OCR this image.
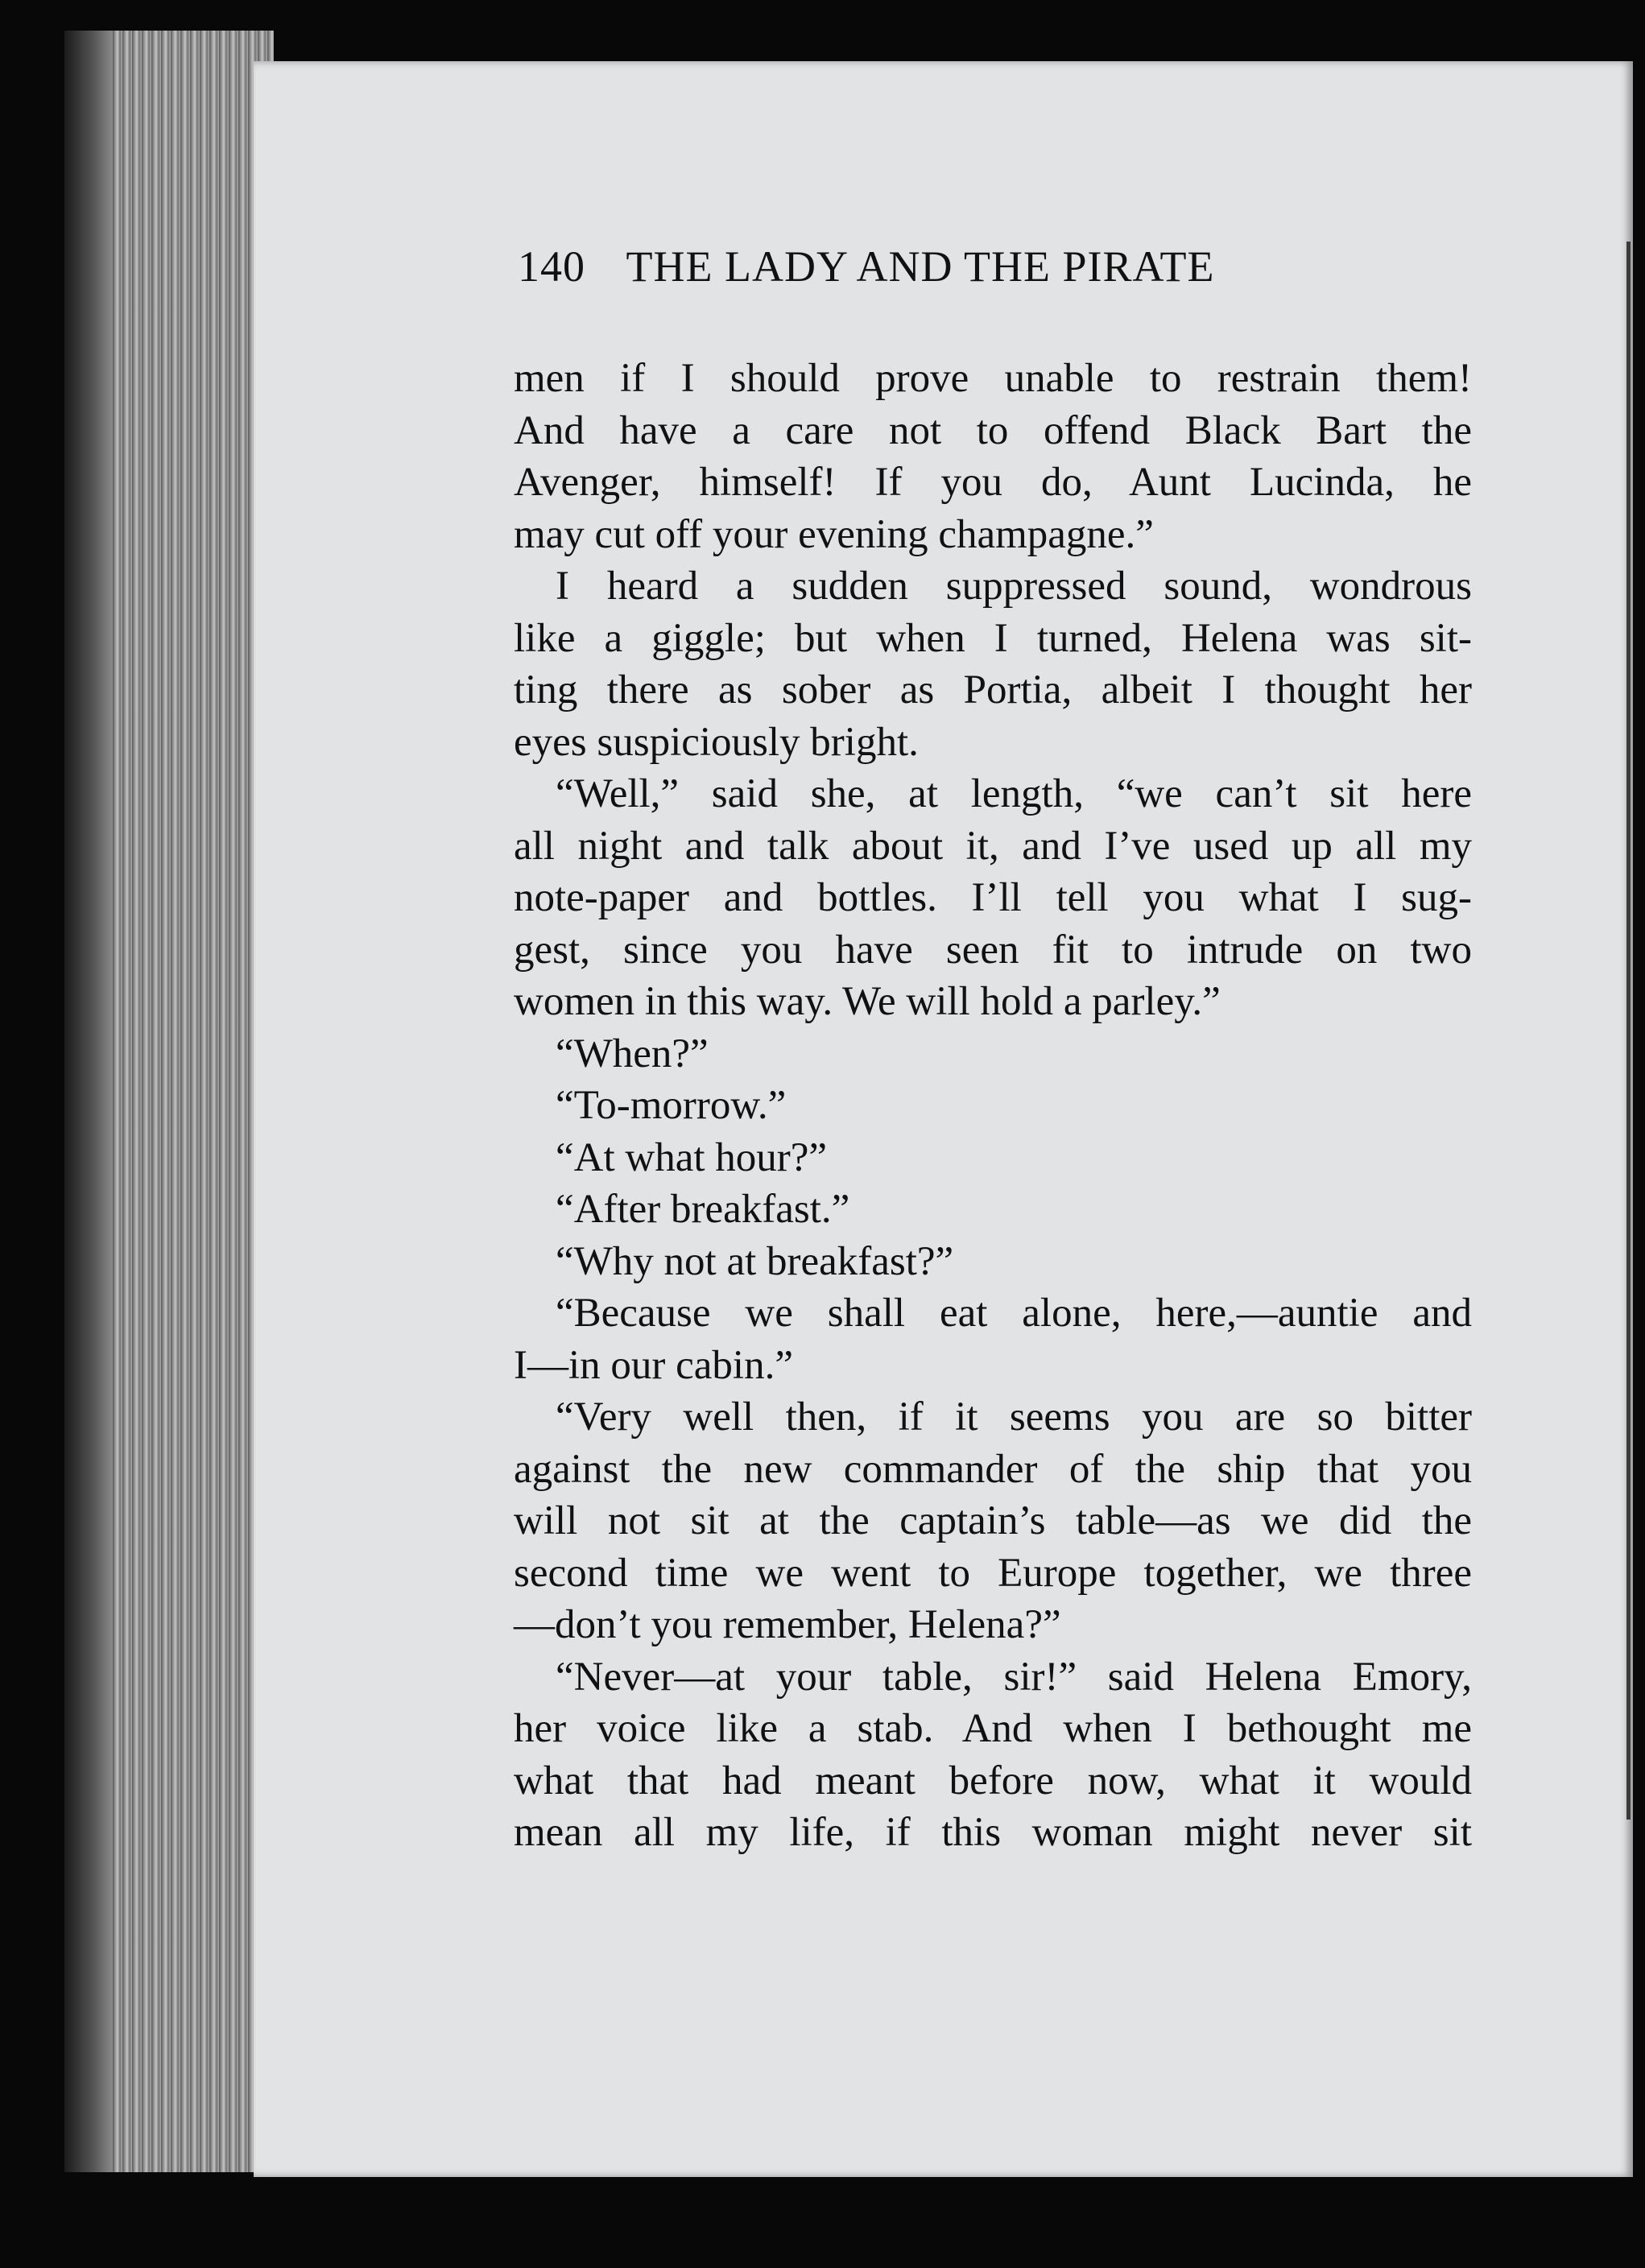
140 THE LADY AND THE PIRATE
men if I should prove unable to restrain them!
And have a care not to offend Black Bart the
Avenger, himself! If you do, Aunt Lucinda, he
may cut off your evening champagne.”
I heard a sudden suppressed sound, wondrous
like a giggle; but when I turned, Helena was sit-
ting there as sober as Portia, albeit I thought her
eyes suspiciously bright.
“Well,” said she, at length, “we can’t sit here
all night and talk about it, and I’ve used up all my
note-paper and bottles. I’ll tell you what I sug-
gest, since you have seen fit to intrude on two
women in this way. We will hold a parley.”
“When?”
“To-morrow.”
“At what hour?”
“After breakfast.”
“Why not at breakfast?”
“Because we shall eat alone, here,—auntie and
I—in our cabin.”
“Very well then, if it seems you are so bitter
against the new commander of the ship that you
will not sit at the captain’s table—as we did the
second time we went to Europe together, we three
—don’t you remember, Helena?”
“Never—at your table, sir!” said Helena Emory,
her voice like a stab. And when I bethought me
what that had meant before now, what it would
mean all my life, if this woman might never sit
